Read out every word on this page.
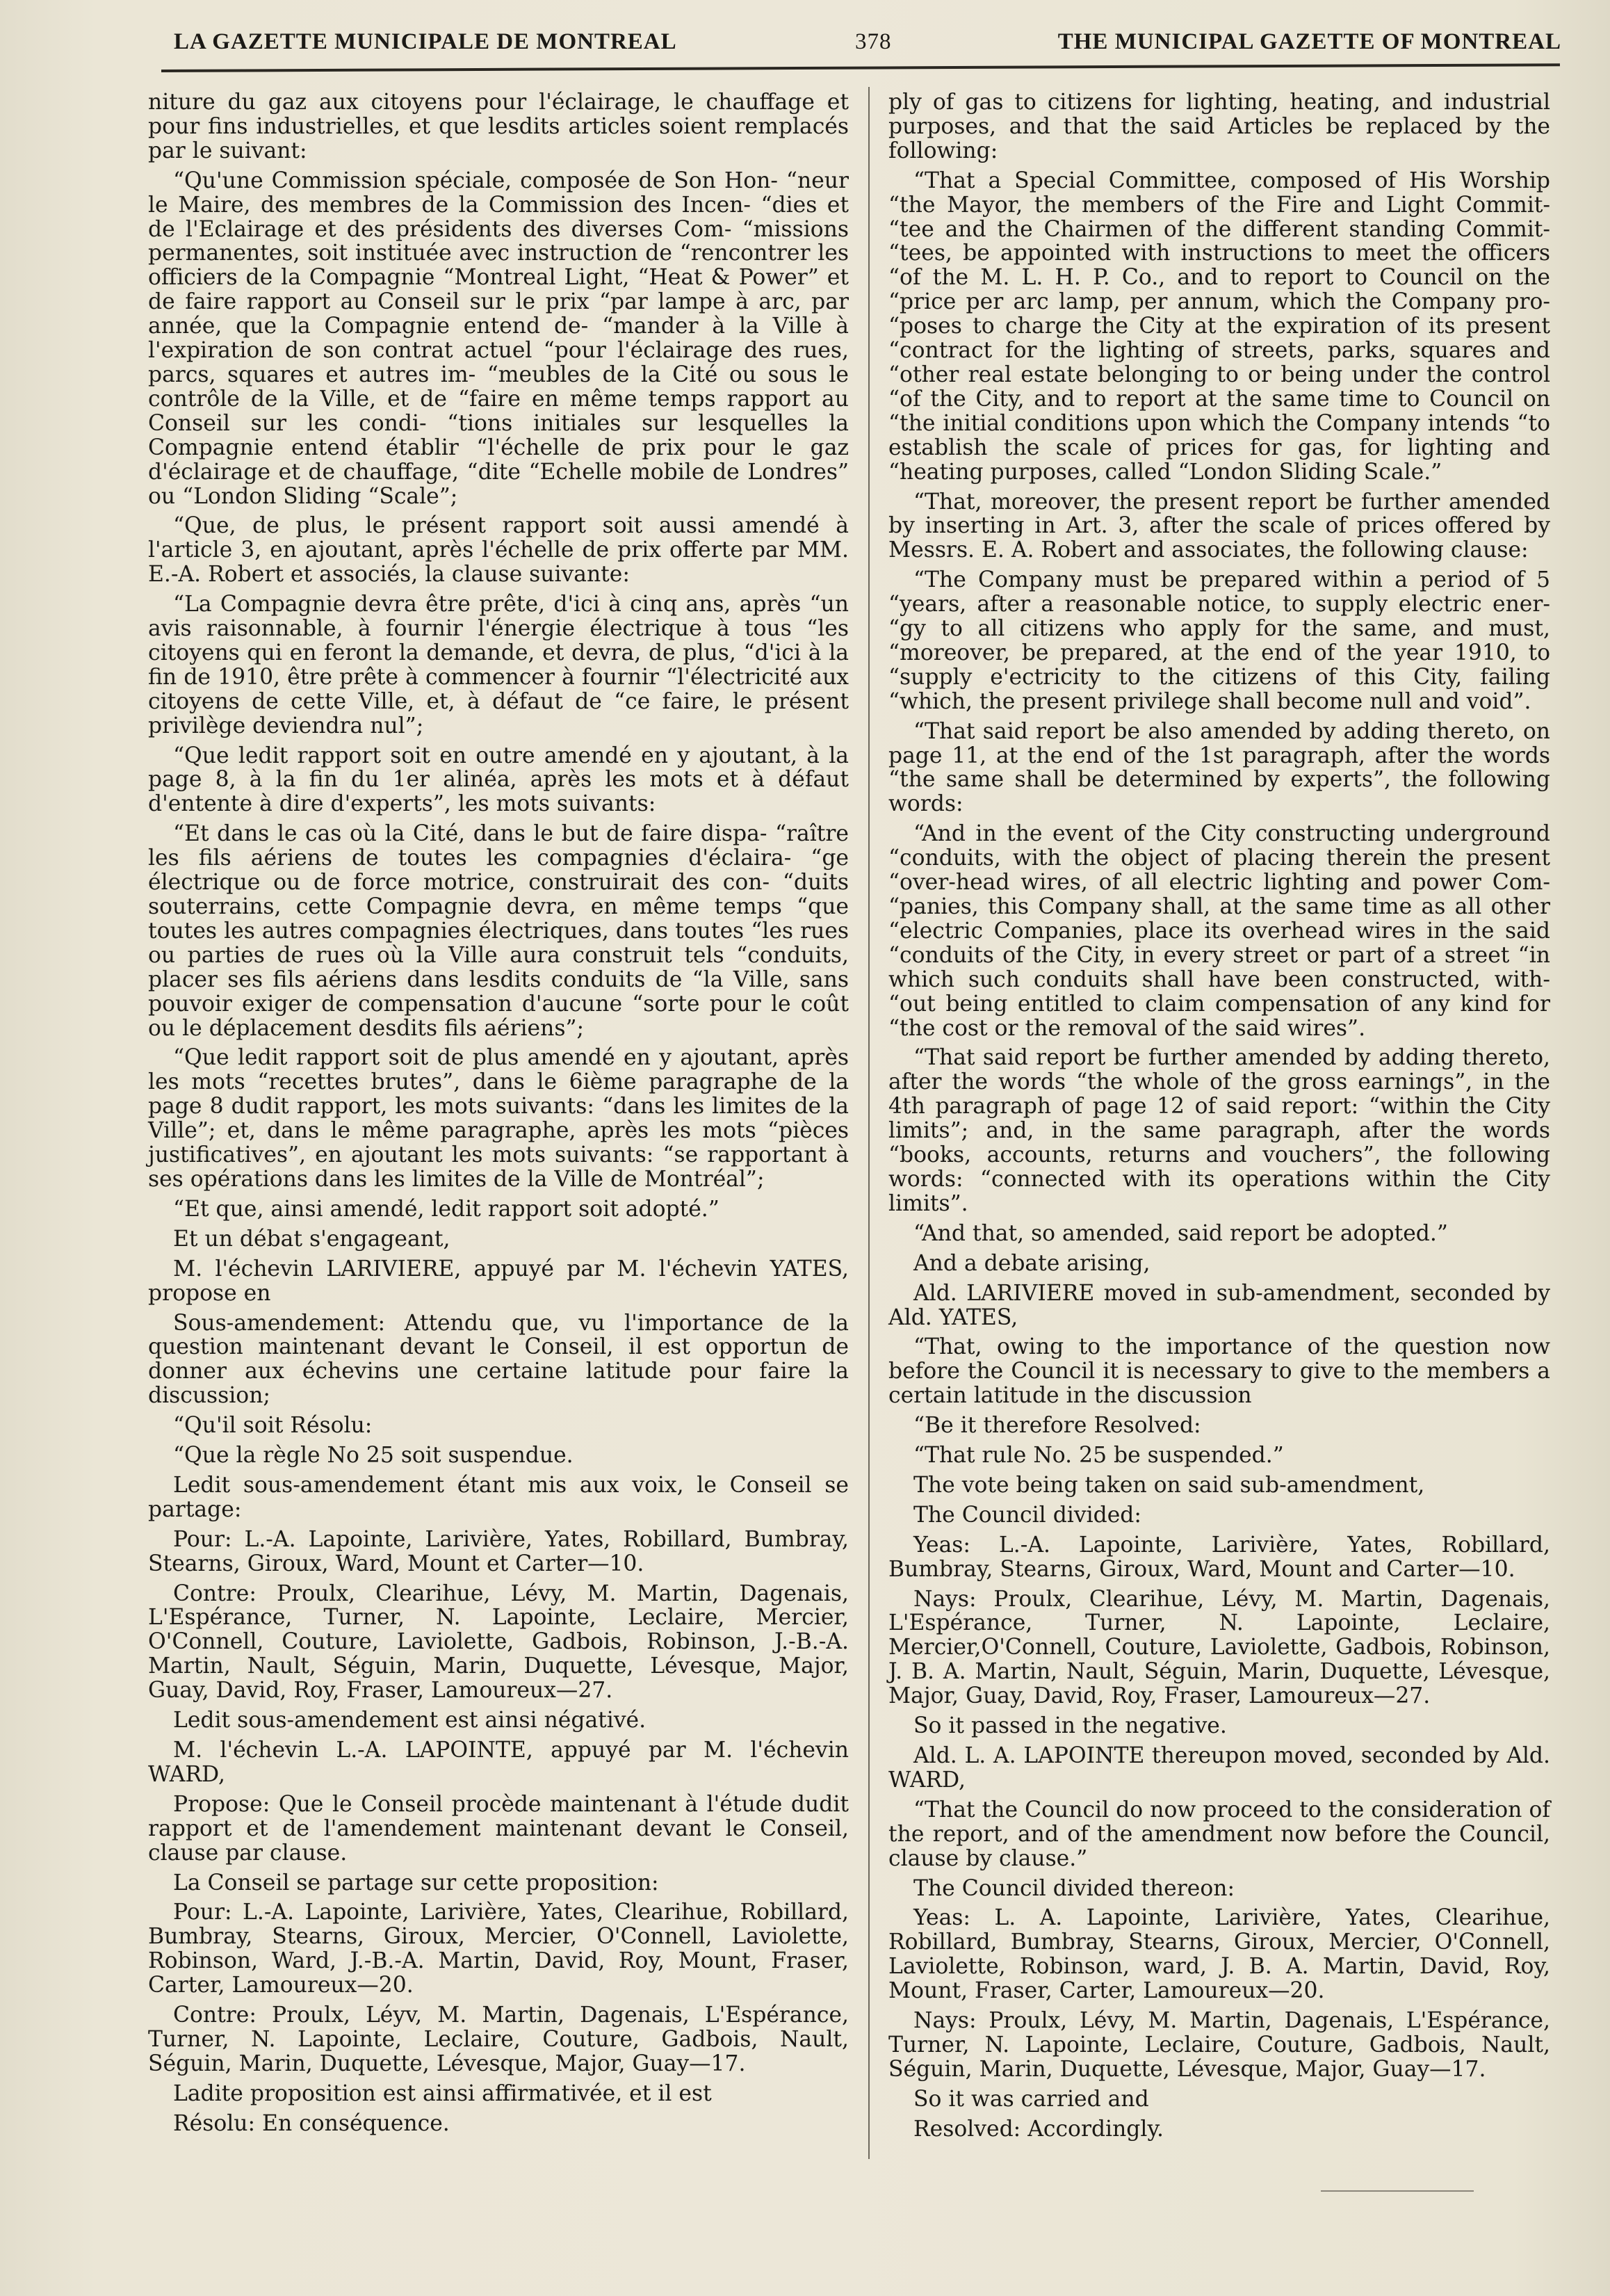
LA GAZETTE MUNICIPALE DE MONTREAL	378	THE MUNICIPAL GAZETTE OF MONTREAL

niture du gaz aux citoyens pour l'éclairage, le chauffage et pour fins industrielles, et que lesdits articles soient remplacés par le suivant:

“Qu'une Commission spéciale, composée de Son Hon- “neur le Maire, des membres de la Commission des Incen- “dies et de l'Eclairage et des présidents des diverses Com- “missions permanentes, soit instituée avec instruction de “rencontrer les officiers de la Compagnie “Montreal Light, “Heat & Power” et de faire rapport au Conseil sur le prix “par lampe à arc, par année, que la Compagnie entend de- “mander à la Ville à l'expiration de son contrat actuel “pour l'éclairage des rues, parcs, squares et autres im- “meubles de la Cité ou sous le contrôle de la Ville, et de “faire en même temps rapport au Conseil sur les condi- “tions initiales sur lesquelles la Compagnie entend établir “l'échelle de prix pour le gaz d'éclairage et de chauffage, “dite “Echelle mobile de Londres” ou “London Sliding “Scale”;

“Que, de plus, le présent rapport soit aussi amendé à l'article 3, en ajoutant, après l'échelle de prix offerte par MM. E.-A. Robert et associés, la clause suivante:

“La Compagnie devra être prête, d'ici à cinq ans, après “un avis raisonnable, à fournir l'énergie électrique à tous “les citoyens qui en feront la demande, et devra, de plus, “d'ici à la fin de 1910, être prête à commencer à fournir “l'électricité aux citoyens de cette Ville, et, à défaut de “ce faire, le présent privilège deviendra nul”;

“Que ledit rapport soit en outre amendé en y ajoutant, à la page 8, à la fin du 1er alinéa, après les mots et à défaut d'entente à dire d'experts”, les mots suivants:

“Et dans le cas où la Cité, dans le but de faire dispa- “raître les fils aériens de toutes les compagnies d'éclaira- “ge électrique ou de force motrice, construirait des con- “duits souterrains, cette Compagnie devra, en même temps “que toutes les autres compagnies électriques, dans toutes “les rues ou parties de rues où la Ville aura construit tels “conduits, placer ses fils aériens dans lesdits conduits de “la Ville, sans pouvoir exiger de compensation d'aucune “sorte pour le coût ou le déplacement desdits fils aériens”;

“Que ledit rapport soit de plus amendé en y ajoutant, après les mots “recettes brutes”, dans le 6ième paragraphe de la page 8 dudit rapport, les mots suivants: “dans les limites de la Ville”; et, dans le même paragraphe, après les mots “pièces justificatives”, en ajoutant les mots suivants: “se rapportant à ses opérations dans les limites de la Ville de Montréal”;

“Et que, ainsi amendé, ledit rapport soit adopté.”

Et un débat s'engageant,

M. l'échevin LARIVIERE, appuyé par M. l'échevin YATES, propose en

Sous-amendement: Attendu que, vu l'importance de la question maintenant devant le Conseil, il est opportun de donner aux échevins une certaine latitude pour faire la discussion;

“Qu'il soit Résolu:

“Que la règle No 25 soit suspendue.

Ledit sous-amendement étant mis aux voix, le Conseil se partage:

Pour: L.-A. Lapointe, Larivière, Yates, Robillard, Bumbray, Stearns, Giroux, Ward, Mount et Carter—10.

Contre: Proulx, Clearihue, Lévy, M. Martin, Dagenais, L'Espérance, Turner, N. Lapointe, Leclaire, Mercier, O'Connell, Couture, Laviolette, Gadbois, Robinson, J.-B.-A. Martin, Nault, Séguin, Marin, Duquette, Lévesque, Major, Guay, David, Roy, Fraser, Lamoureux—27.

Ledit sous-amendement est ainsi négativé.

M. l'échevin L.-A. LAPOINTE, appuyé par M. l'échevin WARD,

Propose: Que le Conseil procède maintenant à l'étude dudit rapport et de l'amendement maintenant devant le Conseil, clause par clause.

La Conseil se partage sur cette proposition:

Pour: L.-A. Lapointe, Larivière, Yates, Clearihue, Robillard, Bumbray, Stearns, Giroux, Mercier, O'Connell, Laviolette, Robinson, Ward, J.-B.-A. Martin, David, Roy, Mount, Fraser, Carter, Lamoureux—20.

Contre: Proulx, Léyv, M. Martin, Dagenais, L'Espérance, Turner, N. Lapointe, Leclaire, Couture, Gadbois, Nault, Séguin, Marin, Duquette, Lévesque, Major, Guay—17.

Ladite proposition est ainsi affirmativée, et il est

Résolu: En conséquence.

ply of gas to citizens for lighting, heating, and industrial purposes, and that the said Articles be replaced by the following:

“That a Special Committee, composed of His Worship “the Mayor, the members of the Fire and Light Commit- “tee and the Chairmen of the different standing Commit- “tees, be appointed with instructions to meet the officers “of the M. L. H. P. Co., and to report to Council on the “price per arc lamp, per annum, which the Company pro- “poses to charge the City at the expiration of its present “contract for the lighting of streets, parks, squares and “other real estate belonging to or being under the control “of the City, and to report at the same time to Council on “the initial conditions upon which the Company intends “to establish the scale of prices for gas, for lighting and “heating purposes, called “London Sliding Scale.”

“That, moreover, the present report be further amended by inserting in Art. 3, after the scale of prices offered by Messrs. E. A. Robert and associates, the following clause:

“The Company must be prepared within a period of 5 “years, after a reasonable notice, to supply electric ener- “gy to all citizens who apply for the same, and must, “moreover, be prepared, at the end of the year 1910, to “supply e'ectricity to the citizens of this City, failing “which, the present privilege shall become null and void”.

“That said report be also amended by adding thereto, on page 11, at the end of the 1st paragraph, after the words “the same shall be determined by experts”, the following words:

“And in the event of the City constructing underground “conduits, with the object of placing therein the present “over-head wires, of all electric lighting and power Com- “panies, this Company shall, at the same time as all other “electric Companies, place its overhead wires in the said “conduits of the City, in every street or part of a street “in which such conduits shall have been constructed, with- “out being entitled to claim compensation of any kind for “the cost or the removal of the said wires”.

“That said report be further amended by adding thereto, after the words “the whole of the gross earnings”, in the 4th paragraph of page 12 of said report: “within the City limits”; and, in the same paragraph, after the words “books, accounts, returns and vouchers”, the following words: “connected with its operations within the City limits”.

“And that, so amended, said report be adopted.”

And a debate arising,

Ald. LARIVIERE moved in sub-amendment, seconded by Ald. YATES,

“That, owing to the importance of the question now before the Council it is necessary to give to the members a certain latitude in the discussion

“Be it therefore Resolved:

“That rule No. 25 be suspended.”

The vote being taken on said sub-amendment,

The Council divided:

Yeas: L.-A. Lapointe, Larivière, Yates, Robillard, Bumbray, Stearns, Giroux, Ward, Mount and Carter—10.

Nays: Proulx, Clearihue, Lévy, M. Martin, Dagenais, L'Espérance, Turner, N. Lapointe, Leclaire, Mercier,O'Connell, Couture, Laviolette, Gadbois, Robinson, J. B. A. Martin, Nault, Séguin, Marin, Duquette, Lévesque, Major, Guay, David, Roy, Fraser, Lamoureux—27.

So it passed in the negative.

Ald. L. A. LAPOINTE thereupon moved, seconded by Ald. WARD,

“That the Council do now proceed to the consideration of the report, and of the amendment now before the Council, clause by clause.”

The Council divided thereon:

Yeas: L. A. Lapointe, Larivière, Yates, Clearihue, Robillard, Bumbray, Stearns, Giroux, Mercier, O'Connell, Laviolette, Robinson, ward, J. B. A. Martin, David, Roy, Mount, Fraser, Carter, Lamoureux—20.

Nays: Proulx, Lévy, M. Martin, Dagenais, L'Espérance, Turner, N. Lapointe, Leclaire, Couture, Gadbois, Nault, Séguin, Marin, Duquette, Lévesque, Major, Guay—17.

So it was carried and

Resolved: Accordingly.
